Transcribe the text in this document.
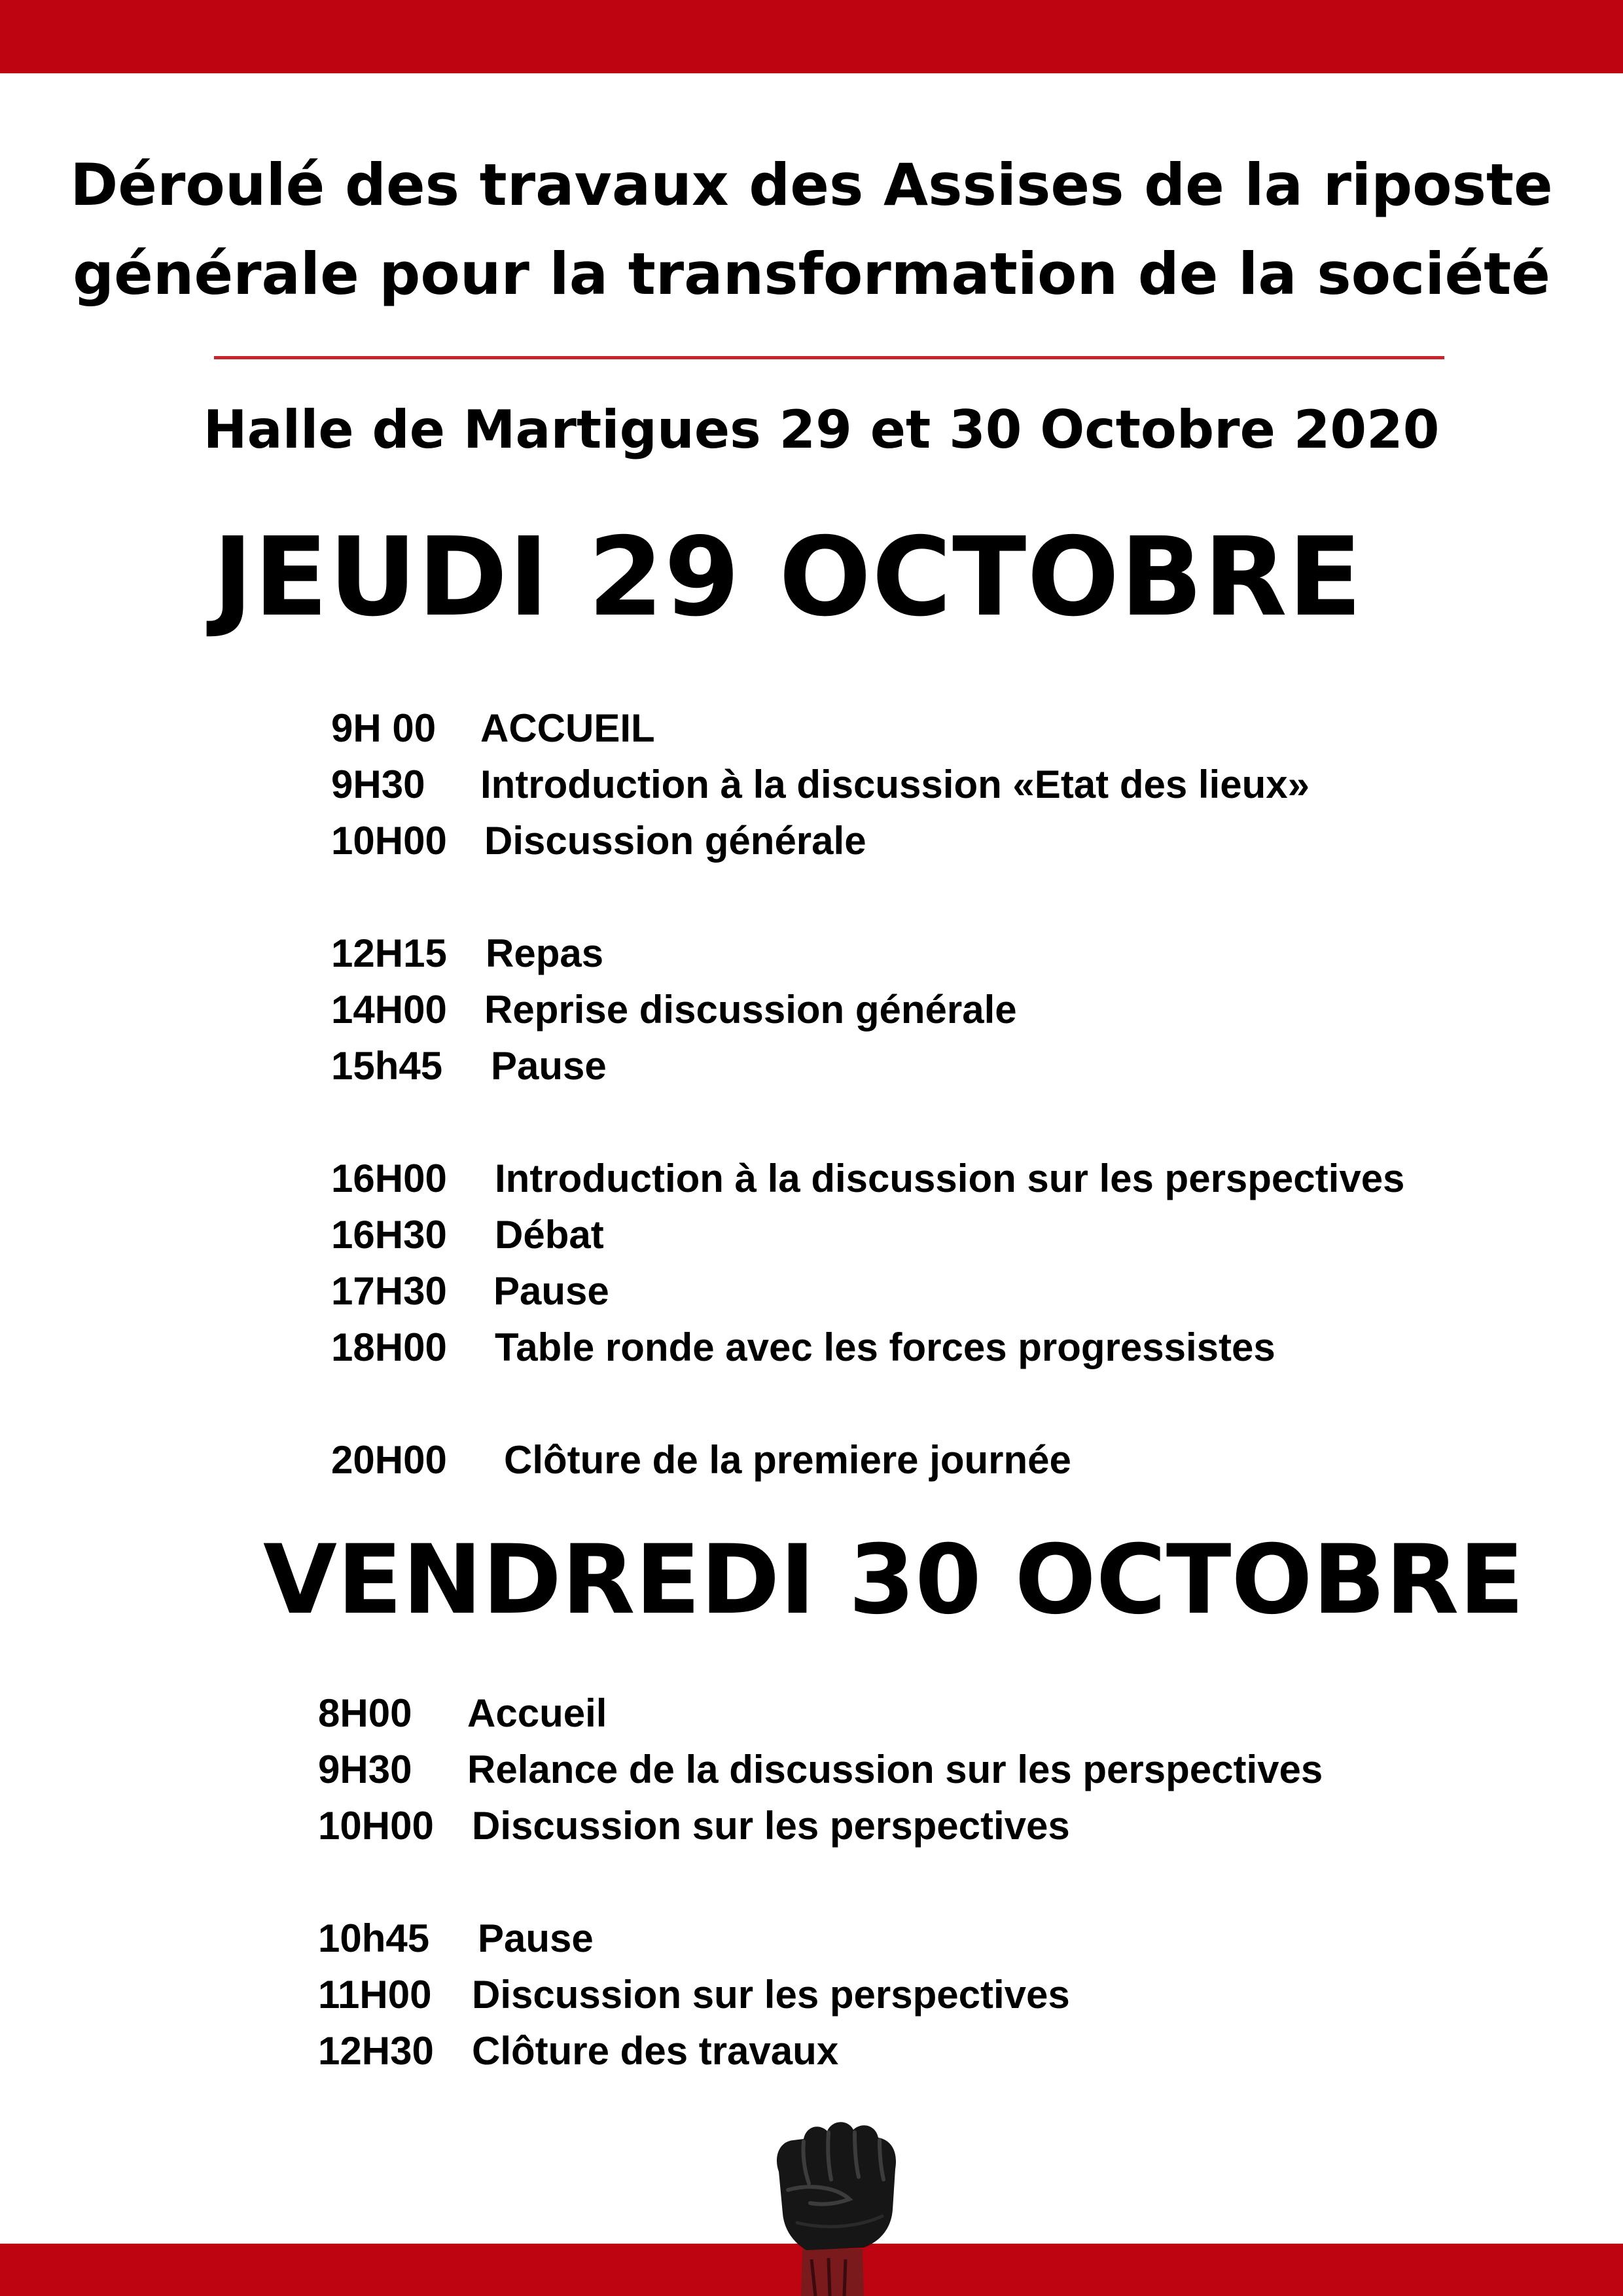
Déroulé des travaux des Assises de la riposte
générale pour la transformation de la société
Halle de Martigues 29 et 30 Octobre 2020
JEUDI 29 OCTOBRE
9H 00	ACCUEIL
9H30	Introduction à la discussion «Etat des lieux»
10H00 Discussion générale
12H15 Repas
14H00 Reprise discussion générale
15h45	Pause
16H00	Introduction à la discussion sur les perspectives
16H30	Débat
17H30	Pause
18H00	Table ronde avec les forces progressistes
20H00	Clôture de la premiere journée
VENDREDI 30 OCTOBRE
8H00	Accueil
9H30	Relance de la discussion sur les perspectives
10H00 Discussion sur les perspectives
10h45	Pause
11H00	Discussion sur les perspectives
12H30 Clôture des travaux
